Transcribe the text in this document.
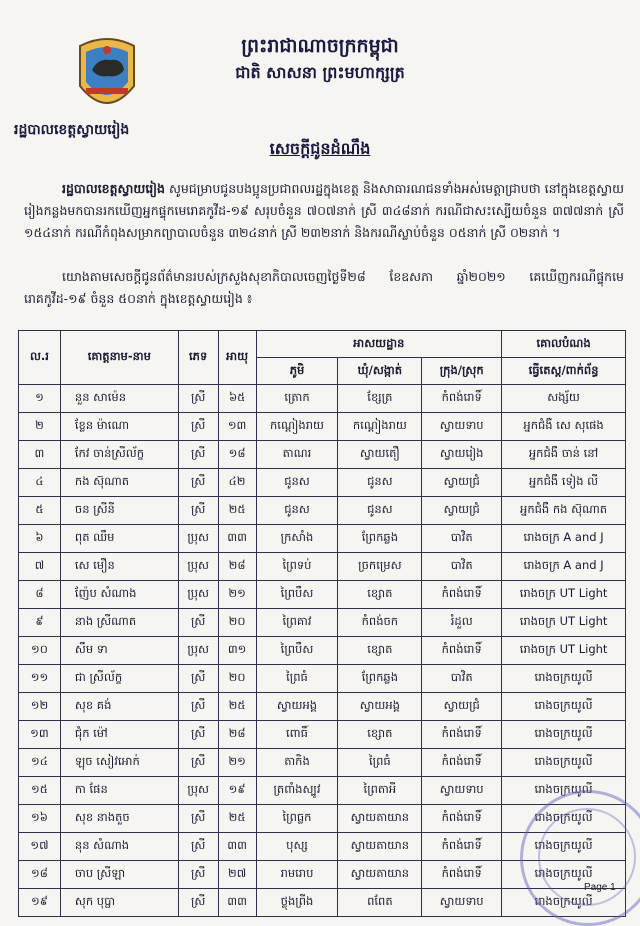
ព្រះរាជាណាចក្រកម្ពុជា
ជាតិ សាសនា ព្រះមហាក្សត្រ
រដ្ឋបាលខេត្តស្វាយរៀង
សេចក្តីជូនដំណឹង
រដ្ឋបាលខេត្តស្វាយរៀង សូមជម្រាបជូនបងប្អូនប្រជាពលរដ្ឋក្នុងខេត្ត និងសាធារណជនទាំងអស់មេត្តាជ្រាបថា នៅក្នុងខេត្តស្វាយរៀងកន្លងមកបានរកឃើញអ្នកផ្ទុកមេរោគកូវីដ-១៩ សរុបចំនួន ៧០៧នាក់ ស្រី ៣៤៨នាក់ ករណីជាសះស្បើយចំនួន ៣៧៧នាក់ ស្រី ១៥៤នាក់ ករណីកំពុងសម្រាកព្យាបាលចំនួន ៣២៤នាក់ ស្រី ២៣២នាក់ និងករណីស្លាប់ចំនួន ០៥នាក់ ស្រី ០២នាក់ ។
យោងតាមសេចក្តីជូនព័ត៌មានរបស់ក្រសួងសុខាភិបាលចេញថ្ងៃទី២៨ ខែឧសភា ឆ្នាំ២០២១ គេឃើញករណីផ្ទុកមេរោគកូវីដ-១៩ ចំនួន ៥០នាក់ ក្នុងខេត្តស្វាយរៀង ៖
ល.រ	គោត្តនាម-នាម	ភេទ	អាយុ	អាសយដ្ឋាន			គោលបំណង
				ភូមិ	ឃុំ/សង្កាត់	ក្រុង/ស្រុក	ធ្វើតេស្ត/ពាក់ព័ន្ធ
១	នួន សាម៉េន	ស្រី	៦៥	ត្រោក	ខ្សែត្រ	កំពង់រោទិ៍	សង្ស័យ
២	ខ្លែន ម៉ាណោ	ស្រី	១៣	កណ្តៀងរាយ	កណ្តៀងរាយ	ស្វាយទាប	អ្នកជំងឺ សេ សុផេង
៣	កែវ ចាន់ស្រីល័ក្ខ	ស្រី	១៨	តាណរ	ស្វាយតឿ	ស្វាយរៀង	អ្នកជំងឺ ចាន់ នៅ
៤	កង ស៊ុណាត	ស្រី	៤២	ជូនស	ជូនស	ស្វាយជ្រំ	អ្នកជំងឺ ទៀង លី
៥	ចន ស្រីនី	ស្រី	២៥	ជូនស	ជូនស	ស្វាយជ្រំ	អ្នកជំងឺ កង ស៊ុណាត
៦	ពុត ឈឹម	ប្រុស	៣៣	ក្រសាំង	ព្រែកឆ្លង	បាវិត	រោងចក្រ A and J
៧	សេ មឿន	ប្រុស	២៨	ព្រៃទប់	ច្រកម្រេស	បាវិត	រោងចក្រ A and J
៨	ញ៉ែប សំណាង	ប្រុស	២១	ព្រៃបឹស	ខ្សោត	កំពង់រោទិ៍	រោងចក្រ UT Light
៩	នាង ស្រីណាត	ស្រី	២០	ព្រៃគាវ	កំពង់ចក	រំដួល	រោងចក្រ UT Light
១០	សឹម ទា	ប្រុស	៣១	ព្រៃបឹស	ខ្សោត	កំពង់រោទិ៍	រោងចក្រ UT Light
១១	ជា ស្រីល័ក្ខ	ស្រី	២០	ព្រៃធំ	ព្រែកឆ្លង	បាវិត	រោងចក្រយូលី
១២	សុខ គង់	ស្រី	២៥	ស្វាយអង្គ	ស្វាយអង្គ	ស្វាយជ្រំ	រោងចក្រយូលី
១៣	ជុំក ម៉ៅ	ស្រី	២៨	ពោធិ៍	ខ្សោត	កំពង់រោទិ៍	រោងចក្រយូលី
១៤	ឡុច សៀវអោក់	ស្រី	២១	តាកិង	ព្រៃធំ	កំពង់រោទិ៍	រោងចក្រយូលី
១៥	កា ផែន	ប្រុស	១៩	ត្រពាំងស្បូវ	ព្រៃតាអី	ស្វាយទាប	រោងចក្រយូលី
១៦	សុខ នាងតួច	ស្រី	២៥	ព្រៃធ្លក	ស្វាយតាយាន	កំពង់រោទិ៍	រោងចក្រយូលី
១៧	នុន សំណាង	ស្រី	៣៣	បុស្ស	ស្វាយតាយាន	កំពង់រោទិ៍	រោងចក្រយូលី
១៨	ចាប ស្រីឡា	ស្រី	២៧	រាមរោប	ស្វាយតាយាន	កំពង់រោទិ៍	រោងចក្រយូលី
១៩	សុក បុប្ផា	ស្រី	៣៣	ថ្លុងព្រីង	ពពែត	ស្វាយទាប	រោងចក្រយូលី
Page 1
